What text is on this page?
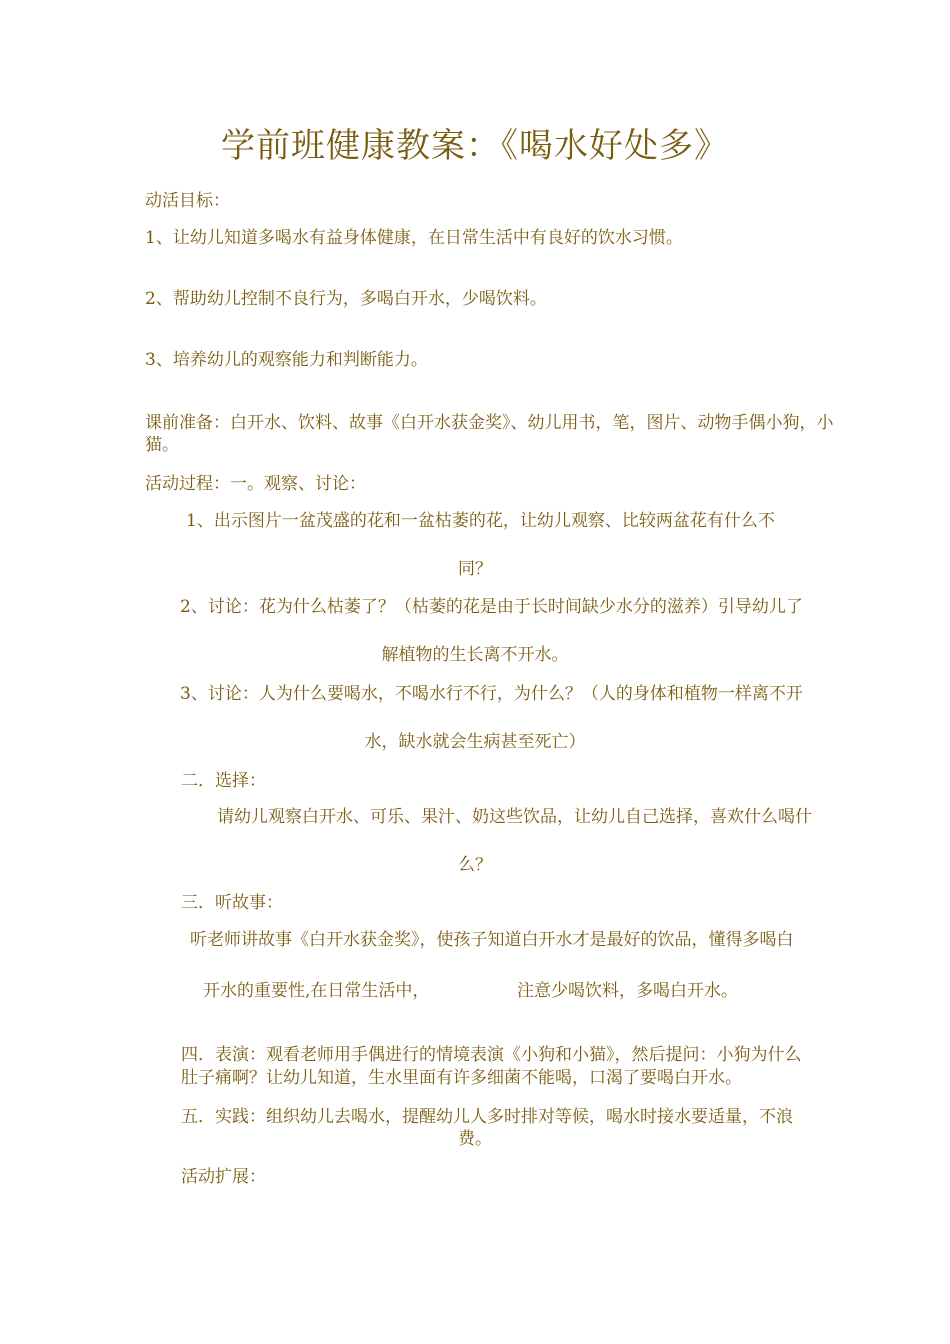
学前班健康教案：《喝水好处多》
动活目标：
1、让幼儿知道多喝水有益身体健康，在日常生活中有良好的饮水习惯。
2、帮助幼儿控制不良行为，多喝白开水，少喝饮料。
3、培养幼儿的观察能力和判断能力。
课前准备：白开水、饮料、故事《白开水获金奖》、幼儿用书，笔，图片、动物手偶小狗，小
猫。
活动过程：一。观察、讨论：
1、出示图片一盆茂盛的花和一盆枯萎的花，让幼儿观察、比较两盆花有什么不
同？
2、讨论：花为什么枯萎了？（枯萎的花是由于长时间缺少水分的滋养）引导幼儿了
解植物的生长离不开水。
3、讨论：人为什么要喝水，不喝水行不行，为什么？（人的身体和植物一样离不开
水，缺水就会生病甚至死亡）
二．选择：
请幼儿观察白开水、可乐、果汁、奶这些饮品，让幼儿自己选择，喜欢什么喝什
么？
三．听故事：
听老师讲故事《白开水获金奖》，使孩子知道白开水才是最好的饮品，懂得多喝白
开水的重要性,在日常生活中，	注意少喝饮料，多喝白开水。
四．表演：观看老师用手偶进行的情境表演《小狗和小猫》，然后提问：小狗为什么
肚子痛啊？让幼儿知道，生水里面有许多细菌不能喝，口渴了要喝白开水。
五．实践：组织幼儿去喝水，提醒幼儿人多时排对等候，喝水时接水要适量，不浪
费。
活动扩展：
